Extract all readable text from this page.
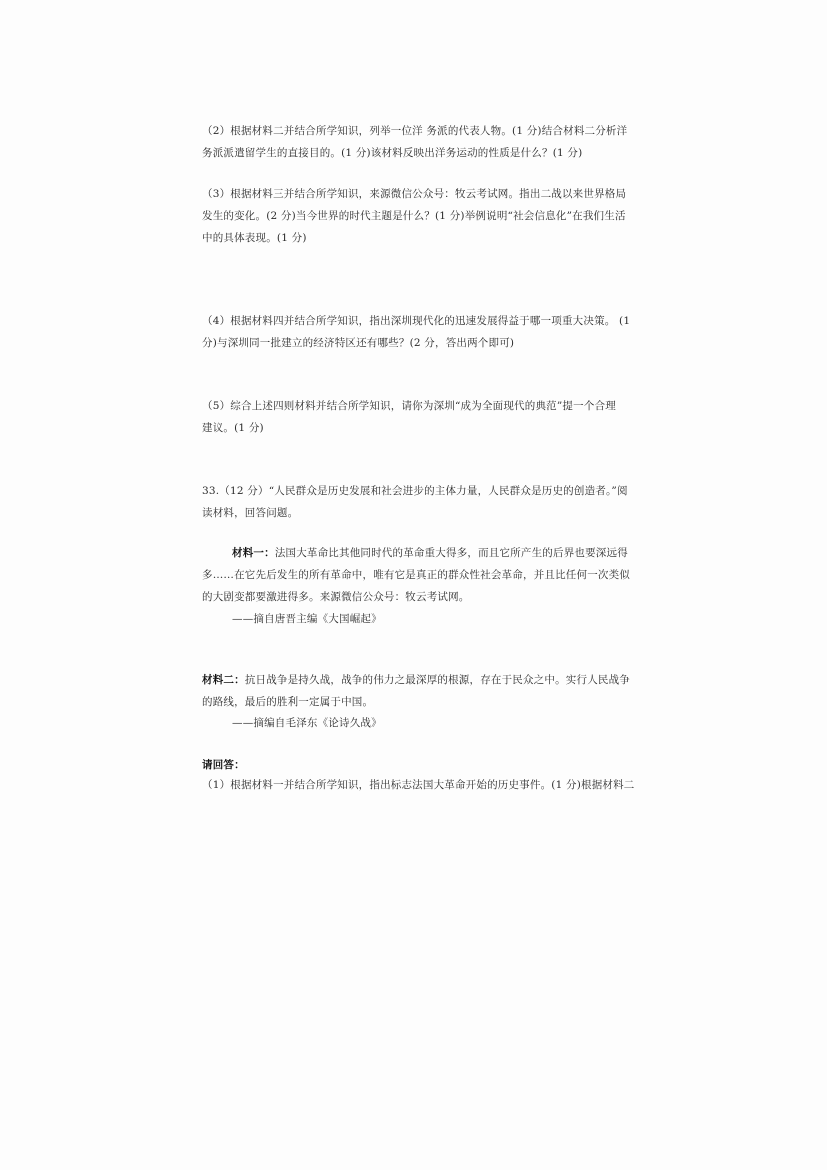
（2）根据材料二并结合所学知识，列举一位洋 务派的代表人物。(1 分)结合材料二分析洋
务派派遣留学生的直接目的。(1 分)该材料反映出洋务运动的性质是什么？(1 分)
（3）根据材料三并结合所学知识，来源微信公众号：牧云考试网。指出二战以来世界格局
发生的变化。(2 分)当今世界的时代主题是什么？(1 分)举例说明“社会信息化”在我们生活
中的具体表现。(1 分)
（4）根据材料四并结合所学知识，指出深圳现代化的迅速发展得益于哪一项重大决策。 (1
分)与深圳同一批建立的经济特区还有哪些？(2 分，答出两个即可)
（5）综合上述四则材料并结合所学知识，请你为深圳“成为全面现代的典范”提一个合理
建议。(1 分)
33.（12 分）“人民群众是历史发展和社会进步的主体力量，人民群众是历史的创造者。”阅
读材料，回答问题。
材料一：法国大革命比其他同时代的革命重大得多，而且它所产生的后界也要深远得
多……在它先后发生的所有革命中，唯有它是真正的群众性社会革命，并且比任何一次类似
的大剧变都要激进得多。来源微信公众号：牧云考试网。
——摘自唐晋主编《大国崛起》
材料二：抗日战争是持久战，战争的伟力之最深厚的根源，存在于民众之中。实行人民战争
的路线，最后的胜利一定属于中国。
——摘编自毛泽东《论诗久战》
请回答：
（1）根据材料一并结合所学知识，指出标志法国大革命开始的历史事件。(1 分)根据材料二
